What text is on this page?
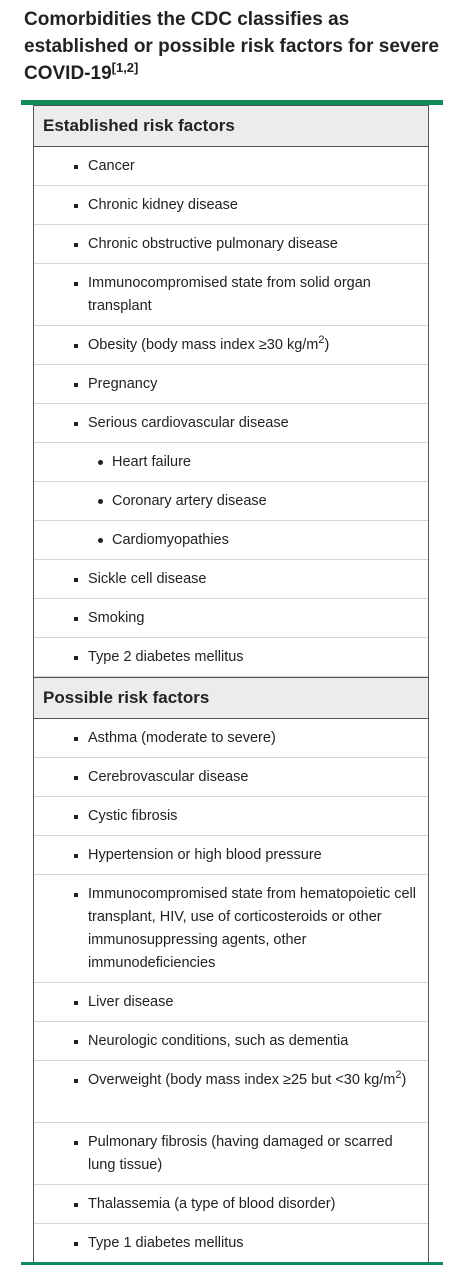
Comorbidities the CDC classifies as established or possible risk factors for severe COVID-19[1,2]
Established risk factors
Cancer
Chronic kidney disease
Chronic obstructive pulmonary disease
Immunocompromised state from solid organ transplant
Obesity (body mass index ≥30 $kg/m^2$)
Pregnancy
Serious cardiovascular disease
Heart failure
Coronary artery disease
Cardiomyopathies
Sickle cell disease
Smoking
Type 2 diabetes mellitus
Possible risk factors
Asthma (moderate to severe)
Cerebrovascular disease
Cystic fibrosis
Hypertension or high blood pressure
Immunocompromised state from hematopoietic cell transplant, HIV, use of corticosteroids or other immunosuppressing agents, other immunodeficiencies
Liver disease
Neurologic conditions, such as dementia
Overweight (body mass index ≥25 but <30 $kg/m^2$)
Pulmonary fibrosis (having damaged or scarred lung tissue)
Thalassemia (a type of blood disorder)
Type 1 diabetes mellitus
